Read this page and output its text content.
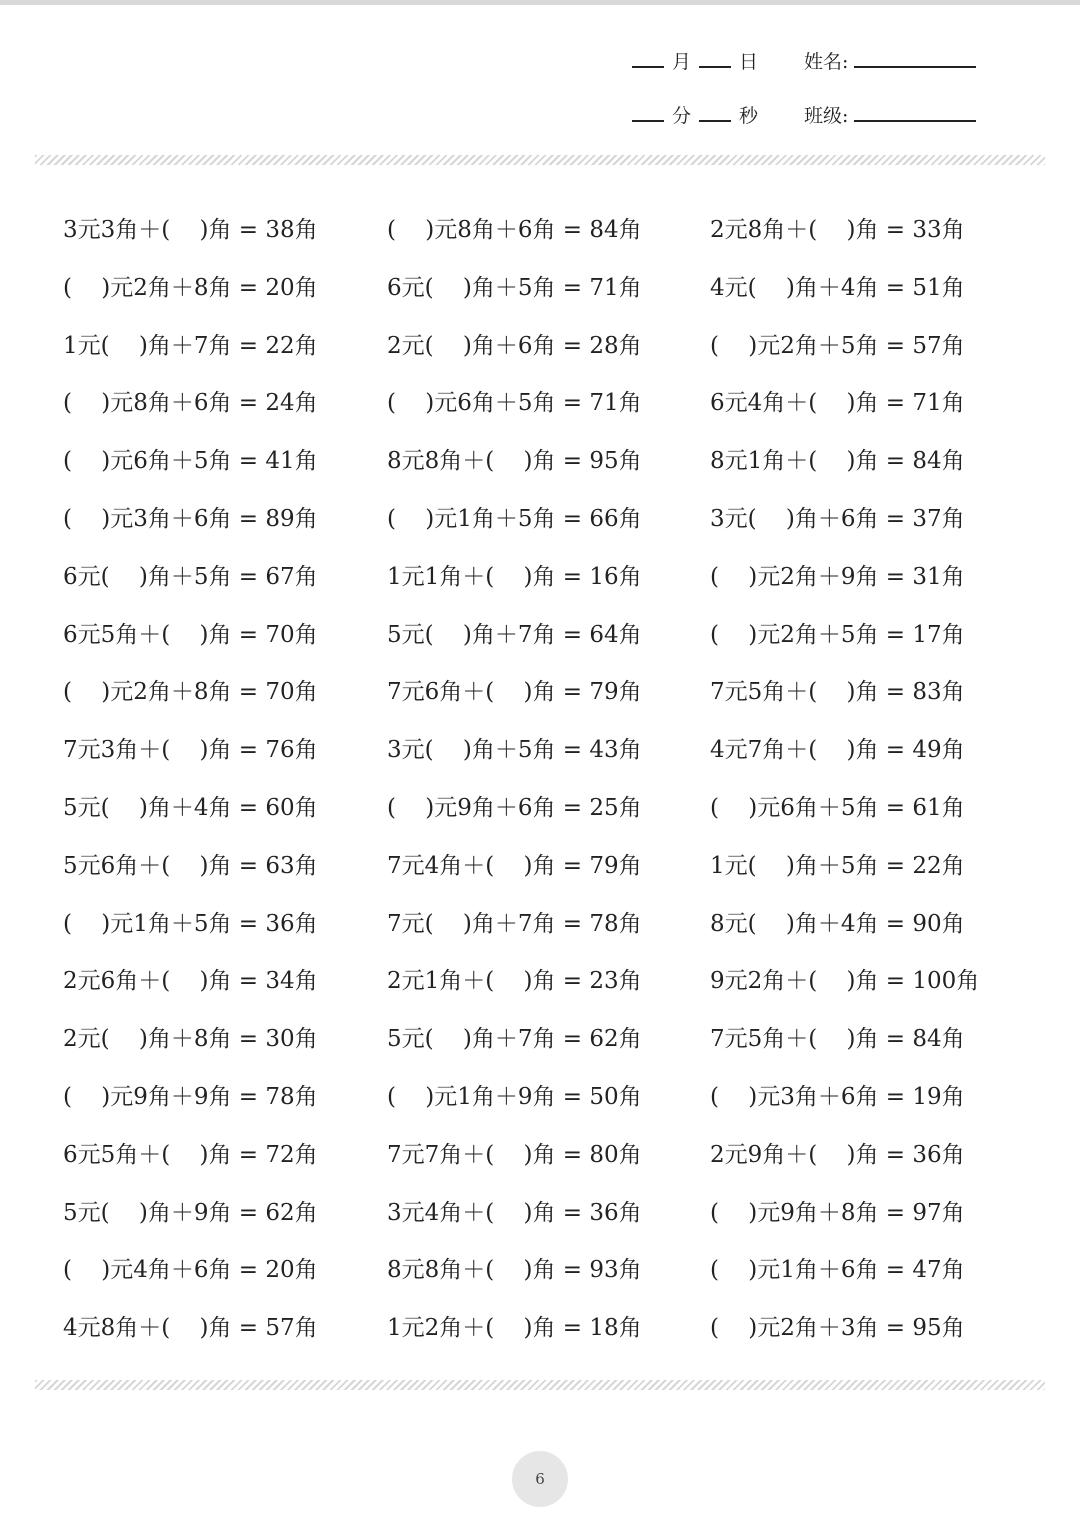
月	日 姓名:
分	秒 班级:
3元3角＋(    )角 = 38角	(    )元8角＋6角 = 84角	2元8角＋(    )角 = 33角
(    )元2角＋8角 = 20角	6元(    )角＋5角 = 71角	4元(    )角＋4角 = 51角
1元(    )角＋7角 = 22角	2元(    )角＋6角 = 28角	(    )元2角＋5角 = 57角
(    )元8角＋6角 = 24角	(    )元6角＋5角 = 71角	6元4角＋(    )角 = 71角
(    )元6角＋5角 = 41角	8元8角＋(    )角 = 95角	8元1角＋(    )角 = 84角
(    )元3角＋6角 = 89角	(    )元1角＋5角 = 66角	3元(    )角＋6角 = 37角
6元(    )角＋5角 = 67角	1元1角＋(    )角 = 16角	(    )元2角＋9角 = 31角
6元5角＋(    )角 = 70角	5元(    )角＋7角 = 64角	(    )元2角＋5角 = 17角
(    )元2角＋8角 = 70角	7元6角＋(    )角 = 79角	7元5角＋(    )角 = 83角
7元3角＋(    )角 = 76角	3元(    )角＋5角 = 43角	4元7角＋(    )角 = 49角
5元(    )角＋4角 = 60角	(    )元9角＋6角 = 25角	(    )元6角＋5角 = 61角
5元6角＋(    )角 = 63角	7元4角＋(    )角 = 79角	1元(    )角＋5角 = 22角
(    )元1角＋5角 = 36角	7元(    )角＋7角 = 78角	8元(    )角＋4角 = 90角
2元6角＋(    )角 = 34角	2元1角＋(    )角 = 23角	9元2角＋(    )角 = 100角
2元(    )角＋8角 = 30角	5元(    )角＋7角 = 62角	7元5角＋(    )角 = 84角
(    )元9角＋9角 = 78角	(    )元1角＋9角 = 50角	(    )元3角＋6角 = 19角
6元5角＋(    )角 = 72角	7元7角＋(    )角 = 80角	2元9角＋(    )角 = 36角
5元(    )角＋9角 = 62角	3元4角＋(    )角 = 36角	(    )元9角＋8角 = 97角
(    )元4角＋6角 = 20角	8元8角＋(    )角 = 93角	(    )元1角＋6角 = 47角
4元8角＋(    )角 = 57角	1元2角＋(    )角 = 18角	(    )元2角＋3角 = 95角
6
